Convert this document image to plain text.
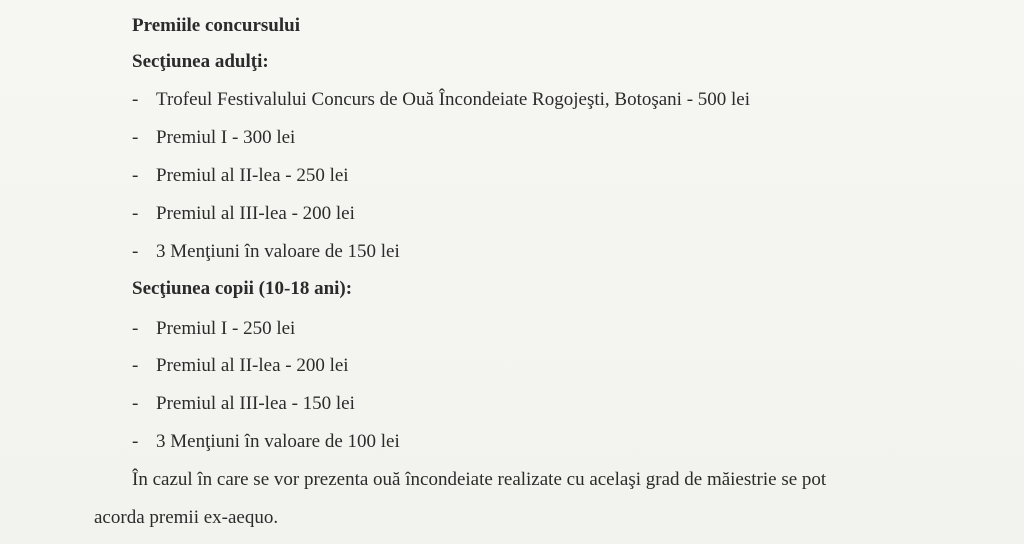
Premiile concursului
Secţiunea adulţi:
- Trofeul Festivalului Concurs de Ouă Încondeiate Rogojeşti, Botoşani - 500 lei
- Premiul I - 300 lei
- Premiul al II-lea - 250 lei
- Premiul al III-lea - 200 lei
- 3 Menţiuni în valoare de 150 lei
Secţiunea copii (10-18 ani):
- Premiul I - 250 lei
- Premiul al II-lea - 200 lei
- Premiul al III-lea - 150 lei
- 3 Menţiuni în valoare de 100 lei
În cazul în care se vor prezenta ouă încondeiate realizate cu acelaşi grad de măiestrie se pot
acorda premii ex-aequo.
